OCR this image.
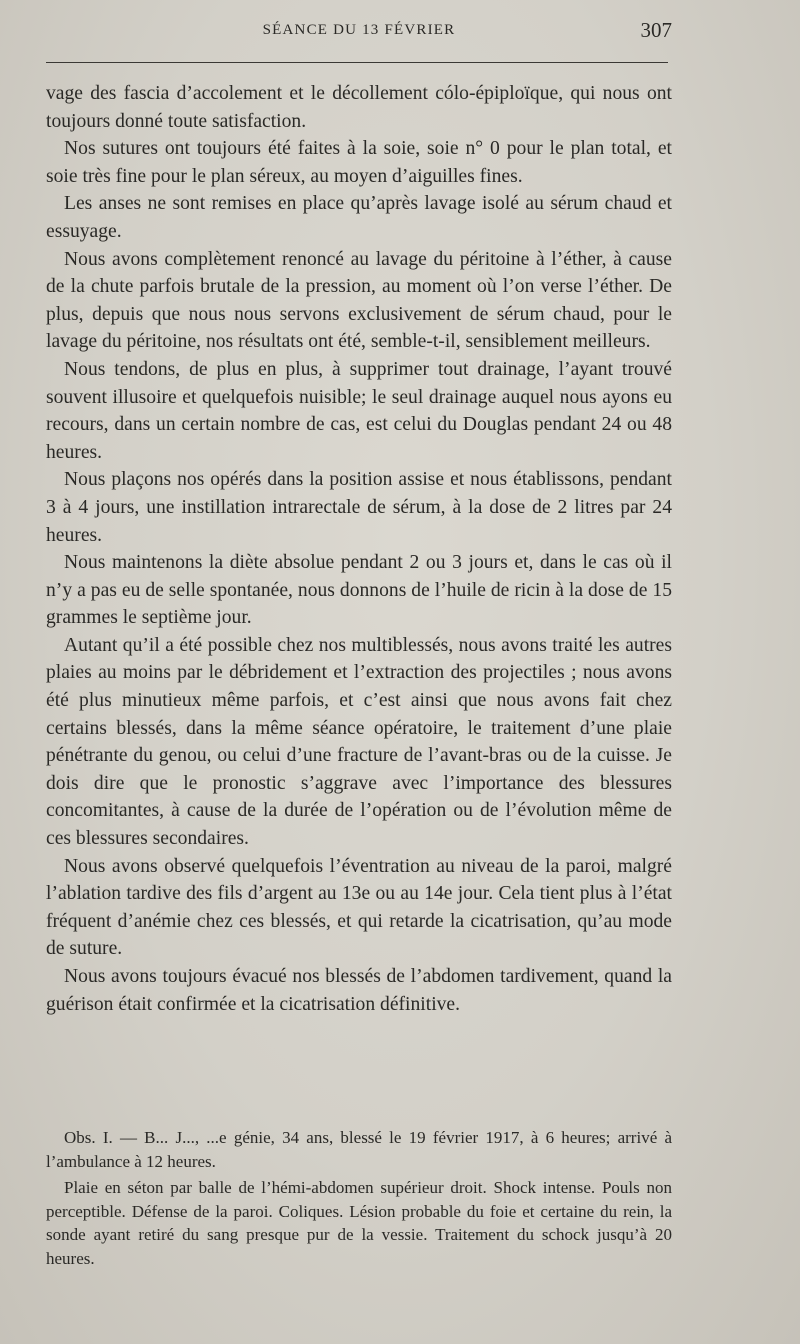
SÉANCE DU 13 FÉVRIER	307

vage des fascia d’accolement et le décollement cólo-épiploïque, qui nous ont toujours donné toute satisfaction.

Nos sutures ont toujours été faites à la soie, soie n° 0 pour le plan total, et soie très fine pour le plan séreux, au moyen d’aiguilles fines.

Les anses ne sont remises en place qu’après lavage isolé au sérum chaud et essuyage.

Nous avons complètement renoncé au lavage du péritoine à l’éther, à cause de la chute parfois brutale de la pression, au moment où l’on verse l’éther. De plus, depuis que nous nous servons exclusivement de sérum chaud, pour le lavage du péritoine, nos résultats ont été, semble-t-il, sensiblement meilleurs.

Nous tendons, de plus en plus, à supprimer tout drainage, l’ayant trouvé souvent illusoire et quelquefois nuisible; le seul drainage auquel nous ayons eu recours, dans un certain nombre de cas, est celui du Douglas pendant 24 ou 48 heures.

Nous plaçons nos opérés dans la position assise et nous établissons, pendant 3 à 4 jours, une instillation intrarectale de sérum, à la dose de 2 litres par 24 heures.

Nous maintenons la diète absolue pendant 2 ou 3 jours et, dans le cas où il n’y a pas eu de selle spontanée, nous donnons de l’huile de ricin à la dose de 15 grammes le septième jour.

Autant qu’il a été possible chez nos multiblessés, nous avons traité les autres plaies au moins par le débridement et l’extraction des projectiles ; nous avons été plus minutieux même parfois, et c’est ainsi que nous avons fait chez certains blessés, dans la même séance opératoire, le traitement d’une plaie pénétrante du genou, ou celui d’une fracture de l’avant-bras ou de la cuisse. Je dois dire que le pronostic s’aggrave avec l’importance des blessures concomitantes, à cause de la durée de l’opération ou de l’évolution même de ces blessures secondaires.

Nous avons observé quelquefois l’éventration au niveau de la paroi, malgré l’ablation tardive des fils d’argent au 13e ou au 14e jour. Cela tient plus à l’état fréquent d’anémie chez ces blessés, et qui retarde la cicatrisation, qu’au mode de suture.

Nous avons toujours évacué nos blessés de l’abdomen tardivement, quand la guérison était confirmée et la cicatrisation définitive.

Obs. I. — B... J..., ...e génie, 34 ans, blessé le 19 février 1917, à 6 heures; arrivé à l’ambulance à 12 heures.

Plaie en séton par balle de l’hémi-abdomen supérieur droit. Shock intense. Pouls non perceptible. Défense de la paroi. Coliques. Lésion probable du foie et certaine du rein, la sonde ayant retiré du sang presque pur de la vessie. Traitement du schock jusqu’à 20 heures.
